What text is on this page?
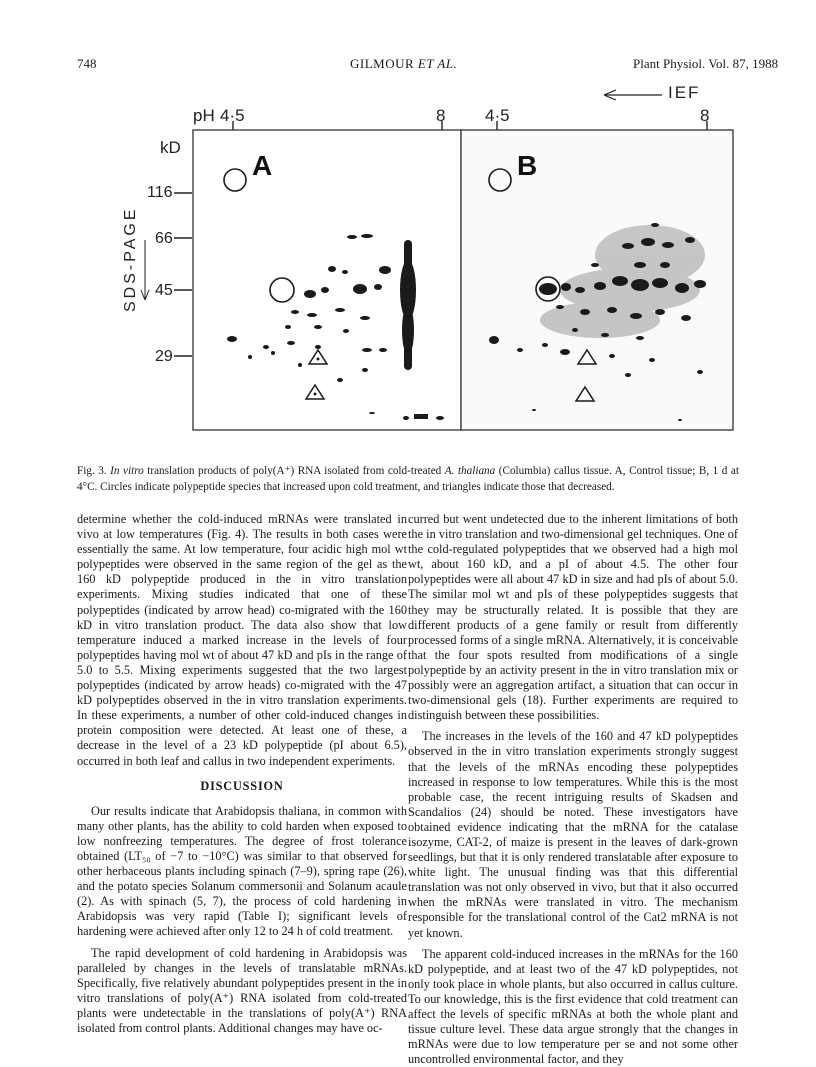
748	GILMOUR ET AL.	Plant Physiol. Vol. 87, 1988
pH 4·5	8 4·5	8
IEF
kD
116
66
45
29
SDS-PAGE
A	B
Fig. 3. In vitro translation products of poly(A⁺) RNA isolated from cold-treated A. thaliana (Columbia) callus tissue. A, Control tissue; B, 1 d at 4°C. Circles indicate polypeptide species that increased upon cold treatment, and triangles indicate those that decreased.

determine whether the cold-induced mRNAs were translated in vivo at low temperatures (Fig. 4). The results in both cases were essentially the same. At low temperature, four acidic high mol wt polypeptides were observed in the same region of the gel as the 160 kD polypeptide produced in the in vitro translation experiments. Mixing studies indicated that one of these polypeptides (indicated by arrow head) co-migrated with the 160 kD in vitro translation product. The data also show that low temperature induced a marked increase in the levels of four polypeptides having mol wt of about 47 kD and pIs in the range of 5.0 to 5.5. Mixing experiments suggested that the two largest polypeptides (indicated by arrow heads) co-migrated with the 47 kD polypeptides observed in the in vitro translation experiments. In these experiments, a number of other cold-induced changes in protein composition were detected. At least one of these, a decrease in the level of a 23 kD polypeptide (pI about 6.5), occurred in both leaf and callus in two independent experiments.

DISCUSSION

Our results indicate that Arabidopsis thaliana, in common with many other plants, has the ability to cold harden when exposed to low nonfreezing temperatures. The degree of frost tolerance obtained (LT₅₀ of −7 to −10°C) was similar to that observed for other herbaceous plants including spinach (7–9), spring rape (26), and the potato species Solanum commersonii and Solanum acaule (2). As with spinach (5, 7), the process of cold hardening in Arabidopsis was very rapid (Table I); significant levels of hardening were achieved after only 12 to 24 h of cold treatment.

The rapid development of cold hardening in Arabidopsis was paralleled by changes in the levels of translatable mRNAs. Specifically, five relatively abundant polypeptides present in the in vitro translations of poly(A⁺) RNA isolated from cold-treated plants were undetectable in the translations of poly(A⁺) RNA isolated from control plants. Additional changes may have oc-

curred but went undetected due to the inherent limitations of both the in vitro translation and two-dimensional gel techniques. One of the cold-regulated polypeptides that we observed had a high mol wt, about 160 kD, and a pI of about 4.5. The other four polypeptides were all about 47 kD in size and had pIs of about 5.0. The similar mol wt and pIs of these polypeptides suggests that they may be structurally related. It is possible that they are different products of a gene family or result from differently processed forms of a single mRNA. Alternatively, it is conceivable that the four spots resulted from modifications of a single polypeptide by an activity present in the in vitro translation mix or possibly were an aggregation artifact, a situation that can occur in two-dimensional gels (18). Further experiments are required to distinguish between these possibilities.

The increases in the levels of the 160 and 47 kD polypeptides observed in the in vitro translation experiments strongly suggest that the levels of the mRNAs encoding these polypeptides increased in response to low temperatures. While this is the most probable case, the recent intriguing results of Skadsen and Scandalios (24) should be noted. These investigators have obtained evidence indicating that the mRNA for the catalase isozyme, CAT-2, of maize is present in the leaves of dark-grown seedlings, but that it is only rendered translatable after exposure to white light. The unusual finding was that this differential translation was not only observed in vivo, but that it also occurred when the mRNAs were translated in vitro. The mechanism responsible for the translational control of the Cat2 mRNA is not yet known.

The apparent cold-induced increases in the mRNAs for the 160 kD polypeptide, and at least two of the 47 kD polypeptides, not only took place in whole plants, but also occurred in callus culture. To our knowledge, this is the first evidence that cold treatment can affect the levels of specific mRNAs at both the whole plant and tissue culture level. These data argue strongly that the changes in mRNAs were due to low temperature per se and not some other uncontrolled environmental factor, and they
